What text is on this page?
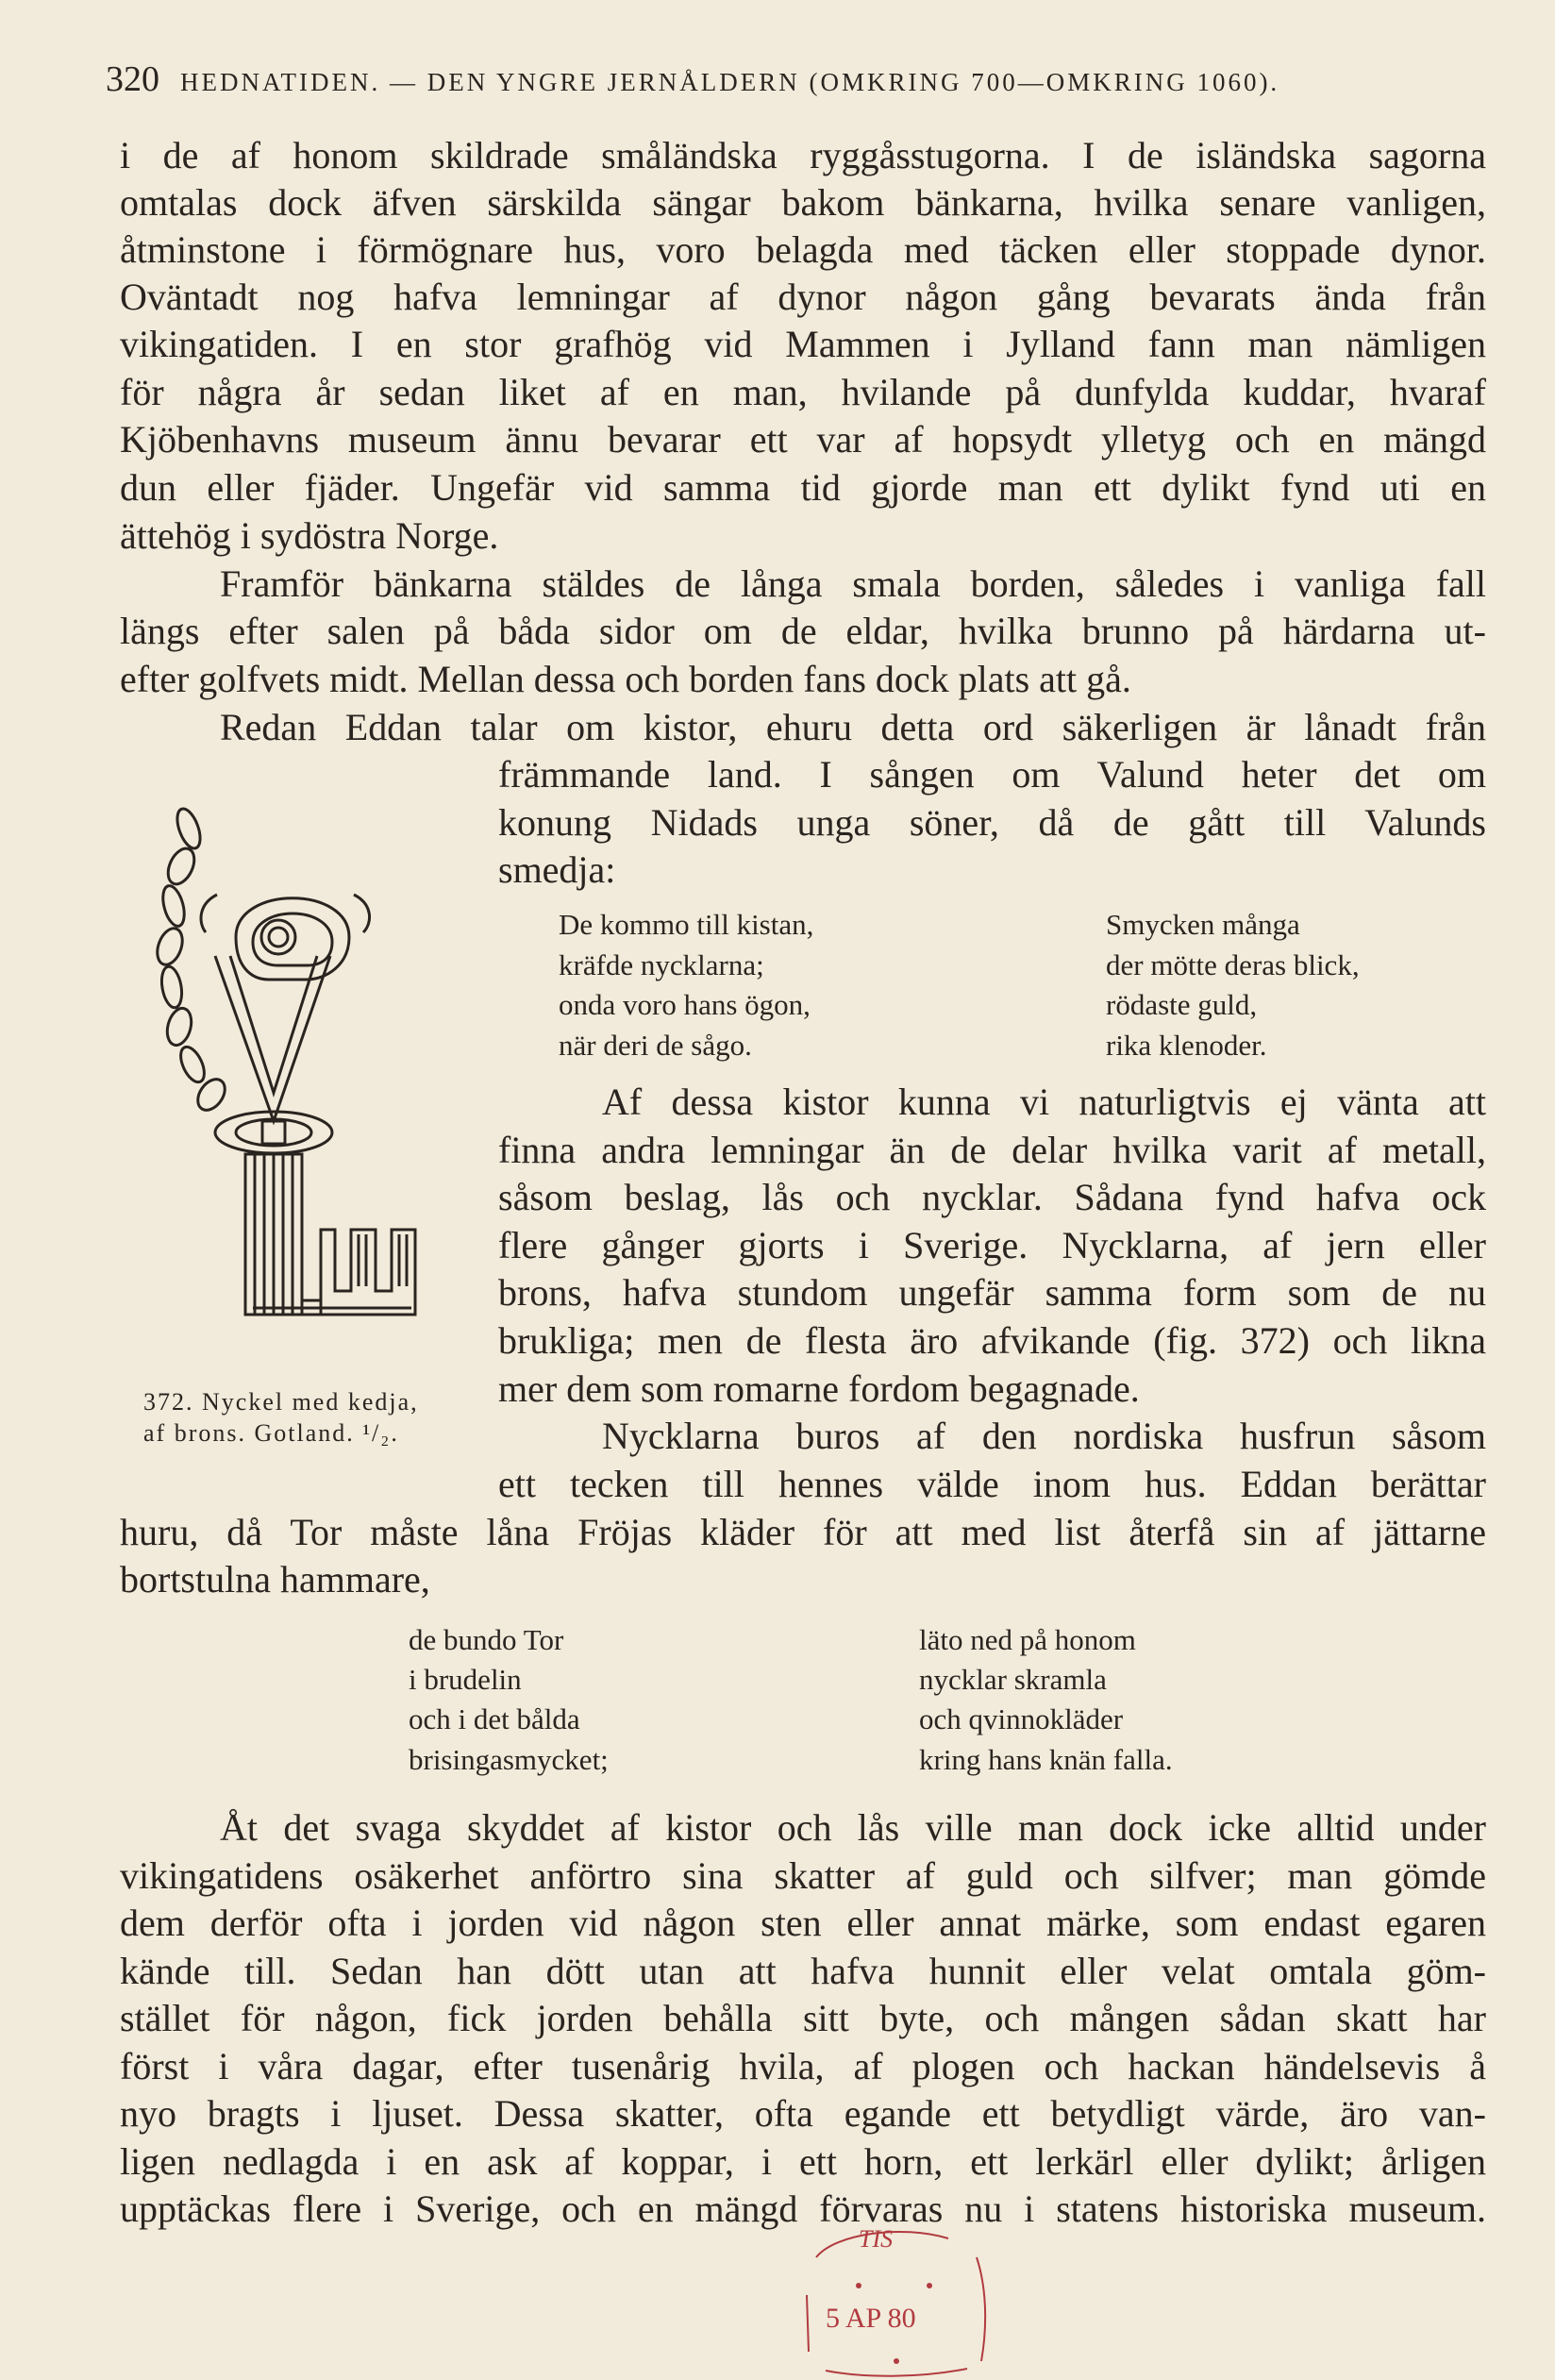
320 HEDNATIDEN. — DEN YNGRE JERNÅLDERN (OMKRING 700—OMKRING 1060).
i de af honom skildrade småländska ryggåsstugorna. I de isländska sagorna
omtalas dock äfven särskilda sängar bakom bänkarna, hvilka senare vanligen,
åtminstone i förmögnare hus, voro belagda med täcken eller stoppade dynor.
Oväntadt nog hafva lemningar af dynor någon gång bevarats ända från
vikingatiden. I en stor grafhög vid Mammen i Jylland fann man nämligen
för några år sedan liket af en man, hvilande på dunfylda kuddar, hvaraf
Kjöbenhavns museum ännu bevarar ett var af hopsydt ylletyg och en mängd
dun eller fjäder. Ungefär vid samma tid gjorde man ett dylikt fynd uti en
ättehög i sydöstra Norge.
Framför bänkarna stäldes de långa smala borden, således i vanliga fall
längs efter salen på båda sidor om de eldar, hvilka brunno på härdarna ut-
efter golfvets midt. Mellan dessa och borden fans dock plats att gå.
Redan Eddan talar om kistor, ehuru detta ord säkerligen är lånadt från
främmande land. I sången om Valund heter det om
konung Nidads unga söner, då de gått till Valunds
smedja:
De kommo till kistan,
kräfde nycklarna;
onda voro hans ögon,
när deri de sågo.
Smycken många
der mötte deras blick,
rödaste guld,
rika klenoder.
Af dessa kistor kunna vi naturligtvis ej vänta att
finna andra lemningar än de delar hvilka varit af metall,
såsom beslag, lås och nycklar. Sådana fynd hafva ock
flere gånger gjorts i Sverige. Nycklarna, af jern eller
brons, hafva stundom ungefär samma form som de nu
brukliga; men de flesta äro afvikande (fig. 372) och likna
mer dem som romarne fordom begagnade.
Nycklarna buros af den nordiska husfrun såsom
ett tecken till hennes välde inom hus. Eddan berättar
huru, då Tor måste låna Fröjas kläder för att med list återfå sin af jättarne
bortstulna hammare,
de bundo Tor
i brudelin
och i det bålda
brisingasmycket;
läto ned på honom
nycklar skramla
och qvinnokläder
kring hans knän falla.
Åt det svaga skyddet af kistor och lås ville man dock icke alltid under
vikingatidens osäkerhet anförtro sina skatter af guld och silfver; man gömde
dem derför ofta i jorden vid någon sten eller annat märke, som endast egaren
kände till. Sedan han dött utan att hafva hunnit eller velat omtala göm-
stället för någon, fick jorden behålla sitt byte, och mången sådan skatt har
först i våra dagar, efter tusenårig hvila, af plogen och hackan händelsevis å
nyo bragts i ljuset. Dessa skatter, ofta egande ett betydligt värde, äro van-
ligen nedlagda i en ask af koppar, i ett horn, ett lerkärl eller dylikt; årligen
upptäckas flere i Sverige, och en mängd förvaras nu i statens historiska museum.
372. Nyckel med kedja,
af brons. Gotland. ¹/₂.
TIS
5 AP 80
